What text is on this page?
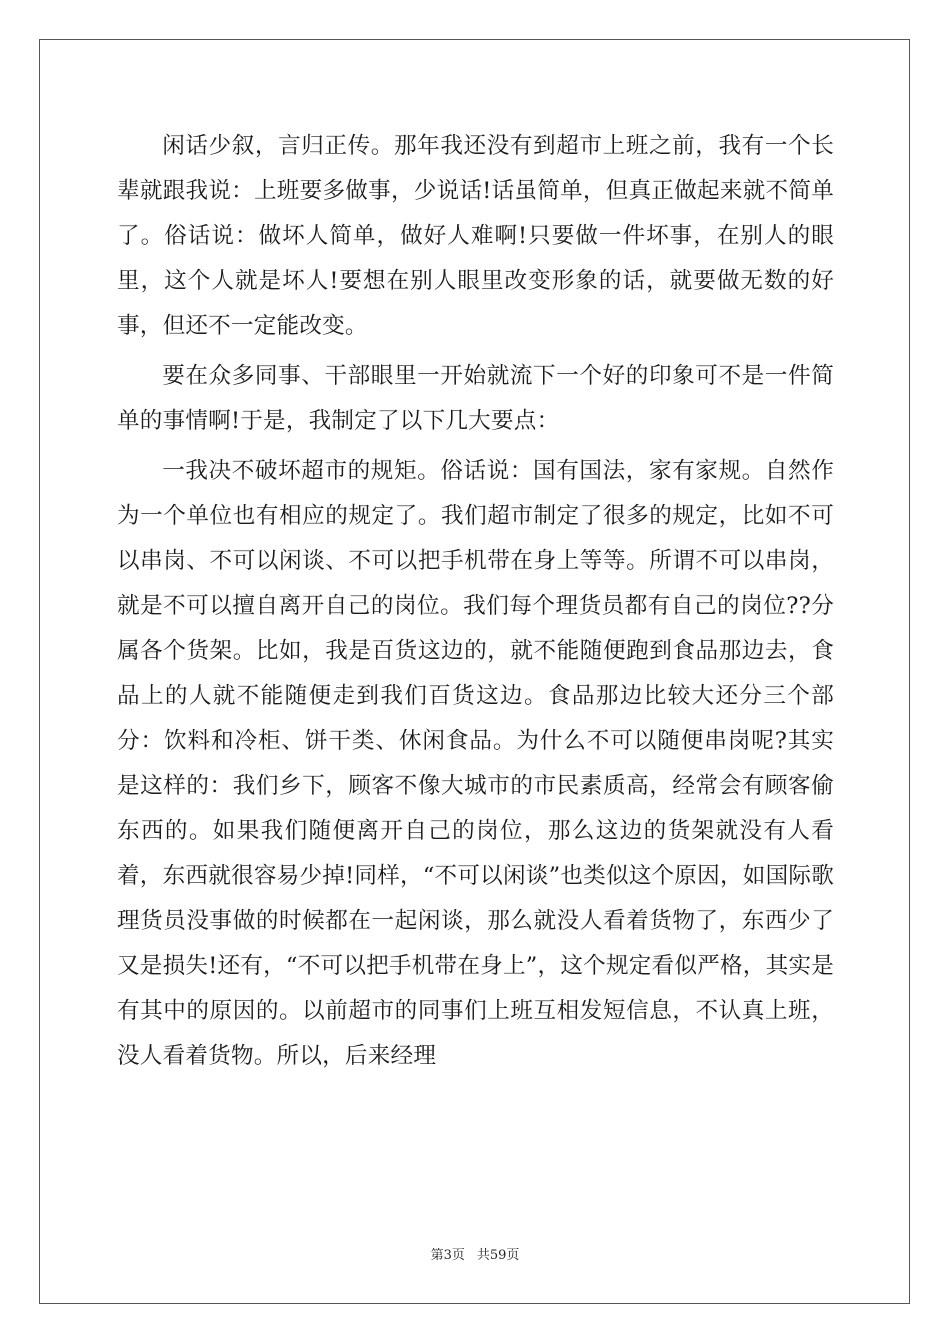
闲话少叙，言归正传。那年我还没有到超市上班之前，我有一个长辈就跟我说：上班要多做事，少说话!话虽简单，但真正做起来就不简单了。俗话说：做坏人简单，做好人难啊!只要做一件坏事，在别人的眼里，这个人就是坏人!要想在别人眼里改变形象的话，就要做无数的好事，但还不一定能改变。

要在众多同事、干部眼里一开始就流下一个好的印象可不是一件简单的事情啊!于是，我制定了以下几大要点：

一我决不破坏超市的规矩。俗话说：国有国法，家有家规。自然作为一个单位也有相应的规定了。我们超市制定了很多的规定，比如不可以串岗、不可以闲谈、不可以把手机带在身上等等。所谓不可以串岗，就是不可以擅自离开自己的岗位。我们每个理货员都有自己的岗位??分属各个货架。比如，我是百货这边的，就不能随便跑到食品那边去，食品上的人就不能随便走到我们百货这边。食品那边比较大还分三个部分：饮料和冷柜、饼干类、休闲食品。为什么不可以随便串岗呢?其实是这样的：我们乡下，顾客不像大城市的市民素质高，经常会有顾客偷东西的。如果我们随便离开自己的岗位，那么这边的货架就没有人看着，东西就很容易少掉!同样，“不可以闲谈”也类似这个原因，如国际歌理货员没事做的时候都在一起闲谈，那么就没人看着货物了，东西少了又是损失!还有，“不可以把手机带在身上”，这个规定看似严格，其实是有其中的原因的。以前超市的同事们上班互相发短信息，不认真上班，没人看着货物。所以，后来经理

第3页 共59页
